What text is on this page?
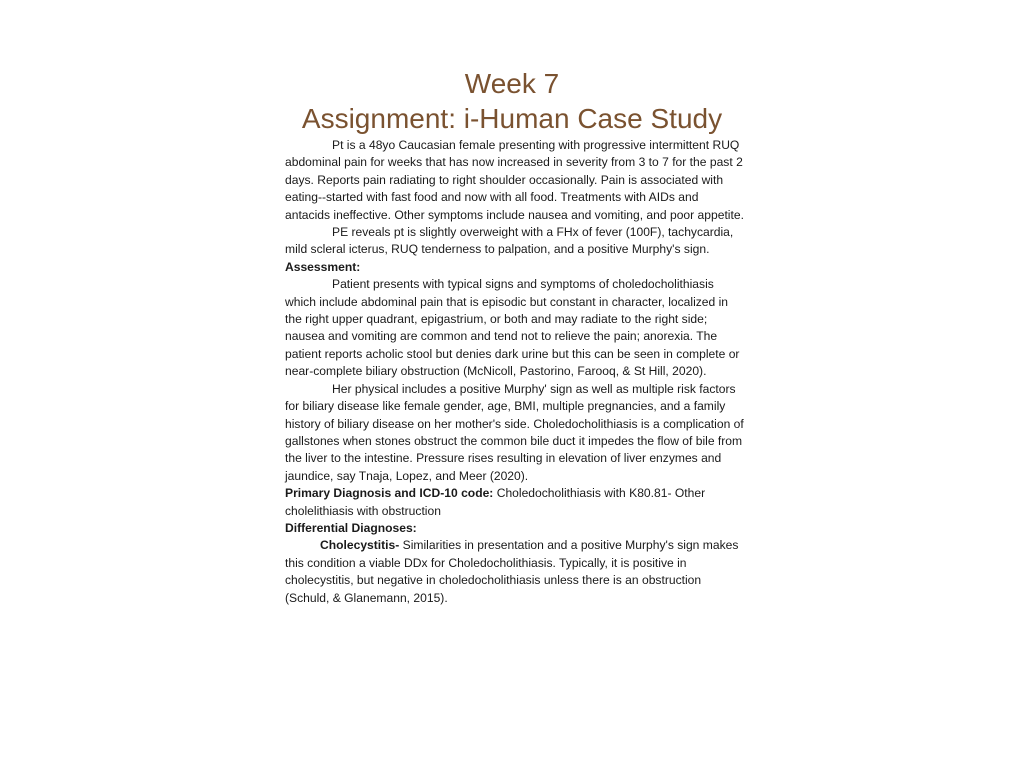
Week 7
Assignment: i-Human Case Study

Pt is a 48yo Caucasian female presenting with progressive intermittent RUQ abdominal pain for weeks that has now increased in severity from 3 to 7 for the past 2 days. Reports pain radiating to right shoulder occasionally. Pain is associated with eating--started with fast food and now with all food. Treatments with AIDs and antacids ineffective. Other symptoms include nausea and vomiting, and poor appetite.

PE reveals pt is slightly overweight with a FHx of fever (100F), tachycardia, mild scleral icterus, RUQ tenderness to palpation, and a positive Murphy's sign.

Assessment:

Patient presents with typical signs and symptoms of choledocholithiasis which include abdominal pain that is episodic but constant in character, localized in the right upper quadrant, epigastrium, or both and may radiate to the right side; nausea and vomiting are common and tend not to relieve the pain; anorexia. The patient reports acholic stool but denies dark urine but this can be seen in complete or near-complete biliary obstruction (McNicoll, Pastorino, Farooq, & St Hill, 2020).

Her physical includes a positive Murphy' sign as well as multiple risk factors for biliary disease like female gender, age, BMI, multiple pregnancies, and a family history of biliary disease on her mother's side. Choledocholithiasis is a complication of gallstones when stones obstruct the common bile duct it impedes the flow of bile from the liver to the intestine. Pressure rises resulting in elevation of liver enzymes and jaundice, say Tnaja, Lopez, and Meer (2020).

Primary Diagnosis and ICD-10 code: Choledocholithiasis with K80.81- Other cholelithiasis with obstruction

Differential Diagnoses:

Cholecystitis- Similarities in presentation and a positive Murphy's sign makes this condition a viable DDx for Choledocholithiasis. Typically, it is positive in cholecystitis, but negative in choledocholithiasis unless there is an obstruction (Schuld, & Glanemann, 2015).
